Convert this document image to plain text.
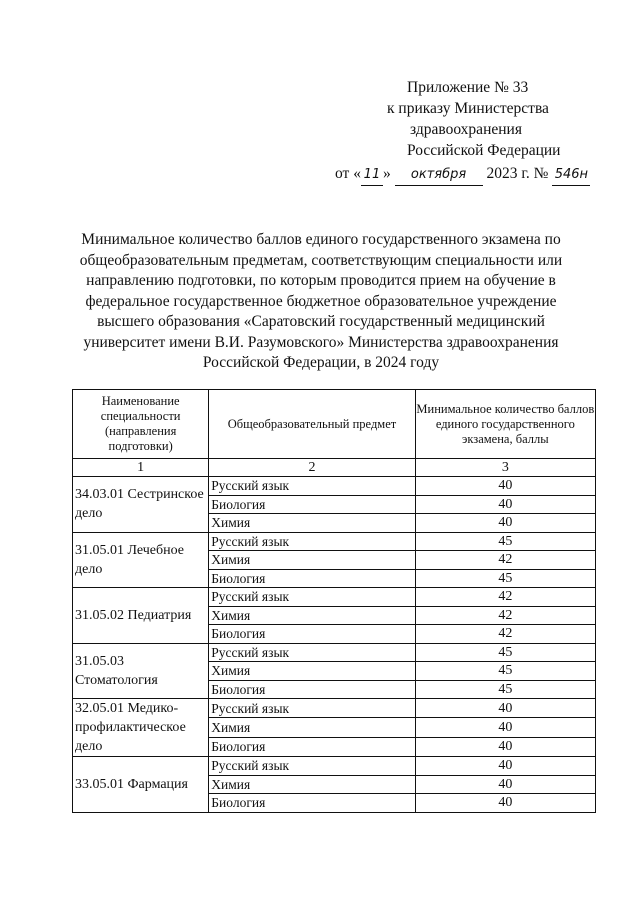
Приложение № 33
к приказу Министерства
здравоохранения
Российской Федерации
от « 11 » октября 2023 г. № 546н
Минимальное количество баллов единого государственного экзамена по общеобразовательным предметам, соответствующим специальности или направлению подготовки, по которым проводится прием на обучение в федеральное государственное бюджетное образовательное учреждение высшего образования «Саратовский государственный медицинский университет имени В.И. Разумовского» Министерства здравоохранения Российской Федерации, в 2024 году
Наименование специальности (направления подготовки)	Общеобразовательный предмет	Минимальное количество баллов единого государственного экзамена, баллы
1	2	3
34.03.01 Сестринское дело	Русский язык	40
	Биология	40
	Химия	40
31.05.01 Лечебное дело	Русский язык	45
	Химия	42
	Биология	45
31.05.02 Педиатрия	Русский язык	42
	Химия	42
	Биология	42
31.05.03 Стоматология	Русский язык	45
	Химия	45
	Биология	45
32.05.01 Медико-профилактическое дело	Русский язык	40
	Химия	40
	Биология	40
33.05.01 Фармация	Русский язык	40
	Химия	40
	Биология	40
